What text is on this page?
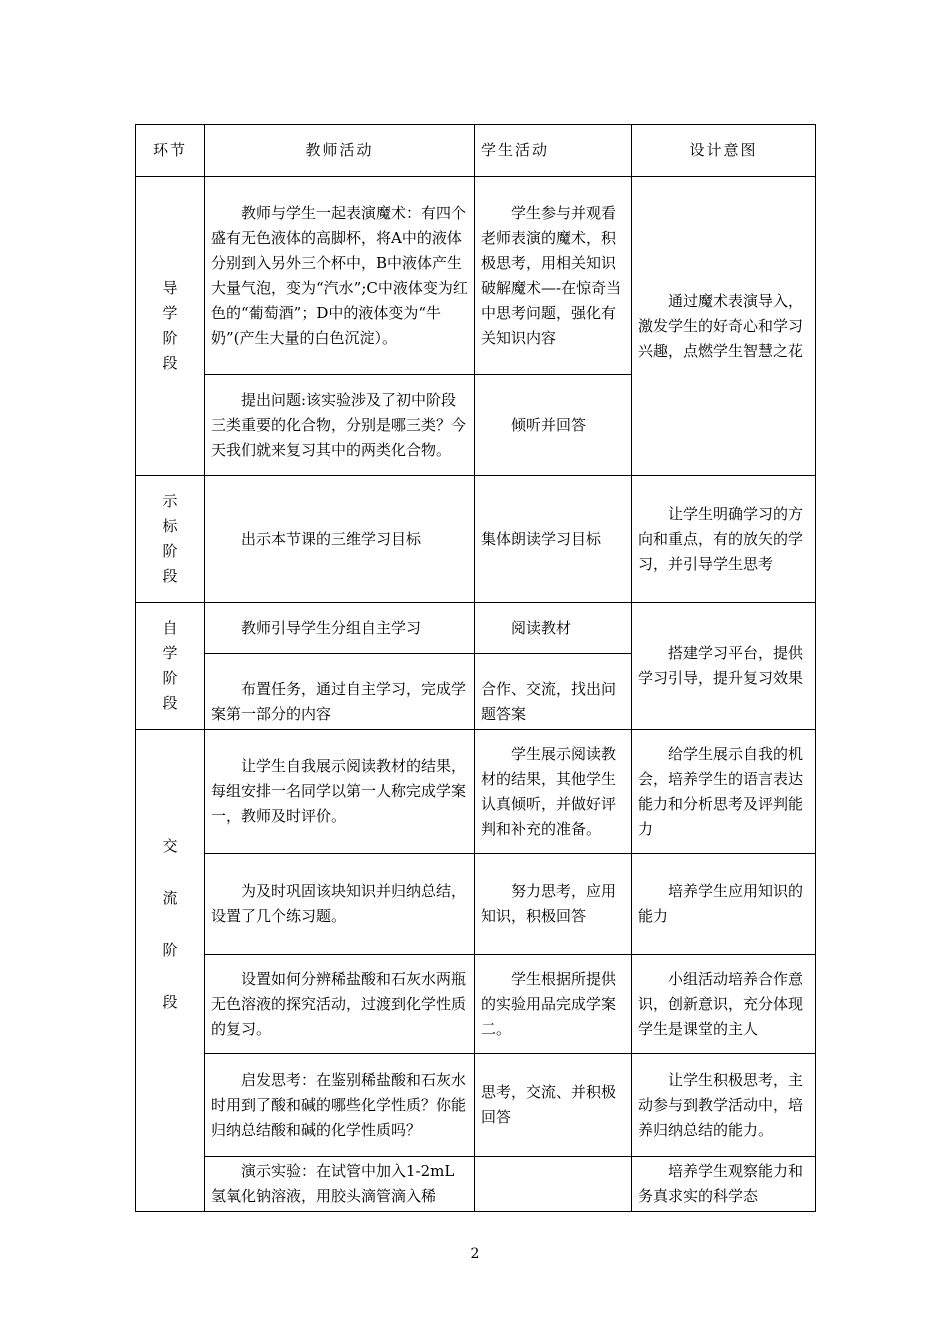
环节	教师活动	学生活动	设计意图

导
学
阶
段	教师与学生一起表演魔术：有四个盛有无色液体的高脚杯，将A中的液体分别到入另外三个杯中，B中液体产生大量气泡，变为“汽水”;C中液体变为红色的“葡萄酒”；D中的液体变为“牛奶”(产生大量的白色沉淀）。	学生参与并观看老师表演的魔术，积极思考，用相关知识破解魔术—-在惊奇当中思考问题，强化有关知识内容	通过魔术表演导入，激发学生的好奇心和学习兴趣，点燃学生智慧之花
	提出问题:该实验涉及了初中阶段三类重要的化合物，分别是哪三类？今天我们就来复习其中的两类化合物。	倾听并回答	

示
标
阶
段	出示本节课的三维学习目标	集体朗读学习目标	让学生明确学习的方向和重点，有的放矢的学习，并引导学生思考

自
学
阶
段	教师引导学生分组自主学习	阅读教材	搭建学习平台，提供学习引导，提升复习效果
	布置任务，通过自主学习，完成学案第一部分的内容	合作、交流，找出问题答案	

交
流
阶
段	让学生自我展示阅读教材的结果，每组安排一名同学以第一人称完成学案一，教师及时评价。	学生展示阅读教材的结果，其他学生认真倾听，并做好评判和补充的准备。	给学生展示自我的机会，培养学生的语言表达能力和分析思考及评判能力
	为及时巩固该块知识并归纳总结，设置了几个练习题。	努力思考，应用知识，积极回答	培养学生应用知识的能力
	设置如何分辨稀盐酸和石灰水两瓶无色溶液的探究活动，过渡到化学性质的复习。	学生根据所提供的实验用品完成学案二。	小组活动培养合作意识，创新意识，充分体现学生是课堂的主人
	启发思考：在鉴别稀盐酸和石灰水时用到了酸和碱的哪些化学性质？你能归纳总结酸和碱的化学性质吗？	思考，交流、并积极回答	让学生积极思考，主动参与到教学活动中，培养归纳总结的能力。
	演示实验：在试管中加入1-2mL氢氧化钠溶液，用胶头滴管滴入稀		培养学生观察能力和务真求实的科学态
2
